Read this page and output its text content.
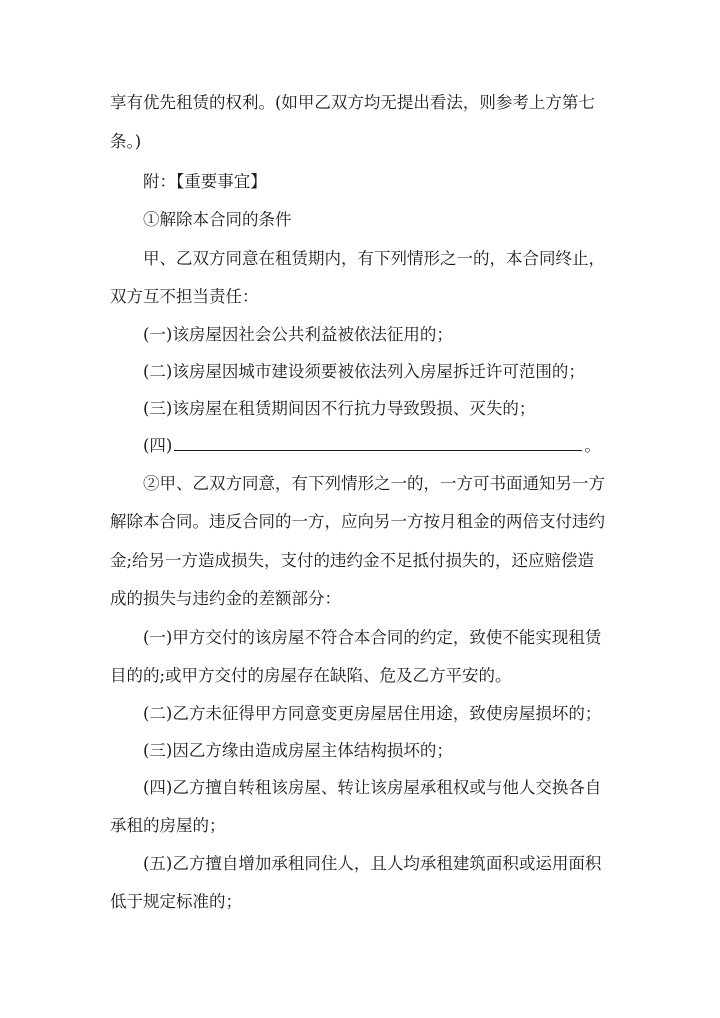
享有优先租赁的权利。(如甲乙双方均无提出看法，则参考上方第七
条。)
附：【重要事宜】
①解除本合同的条件
甲、乙双方同意在租赁期内，有下列情形之一的，本合同终止，
双方互不担当责任：
(一)该房屋因社会公共利益被依法征用的；
(二)该房屋因城市建设须要被依法列入房屋拆迁许可范围的；
(三)该房屋在租赁期间因不行抗力导致毁损、灭失的；
(四)	。
②甲、乙双方同意，有下列情形之一的，一方可书面通知另一方
解除本合同。违反合同的一方，应向另一方按月租金的两倍支付违约
金;给另一方造成损失，支付的违约金不足抵付损失的，还应赔偿造
成的损失与违约金的差额部分：
(一)甲方交付的该房屋不符合本合同的约定，致使不能实现租赁
目的的;或甲方交付的房屋存在缺陷、危及乙方平安的。
(二)乙方未征得甲方同意变更房屋居住用途，致使房屋损坏的；
(三)因乙方缘由造成房屋主体结构损坏的；
(四)乙方擅自转租该房屋、转让该房屋承租权或与他人交换各自
承租的房屋的；
(五)乙方擅自增加承租同住人，且人均承租建筑面积或运用面积
低于规定标准的；
